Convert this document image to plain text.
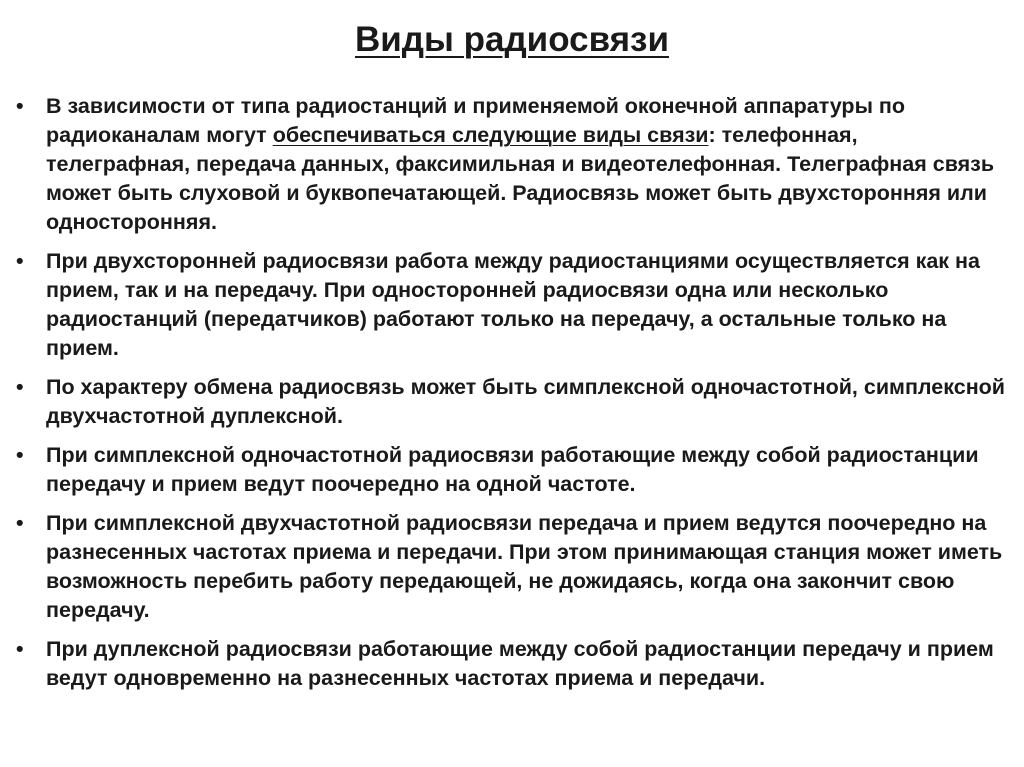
Виды радиосвязи
•	В зависимости от типа радиостанций и применяемой оконечной аппаратуры по радиоканалам могут обеспечиваться следующие виды связи: телефонная, телеграфная, передача данных, факсимильная и видеотелефонная. Телеграфная связь может быть слуховой и буквопечатающей. Радиосвязь может быть двухсторонняя или односторонняя.
•	При двухсторонней радиосвязи работа между радиостанциями осуществляется как на прием, так и на передачу. При односторонней радиосвязи одна или несколько радиостанций (передатчиков) работают только на передачу, а остальные только на прием.
•	По характеру обмена радиосвязь может быть симплексной одночастотной, симплексной двухчастотной дуплексной.
•	При симплексной одночастотной радиосвязи работающие между собой радиостанции передачу и прием ведут поочередно на одной частоте.
•	При симплексной двухчастотной радиосвязи передача и прием ведутся поочередно на разнесенных частотах приема и передачи. При этом принимающая станция может иметь возможность перебить работу передающей, не дожидаясь, когда она закончит свою передачу.
•	При дуплексной радиосвязи работающие между собой радиостанции передачу и прием ведут одновременно на разнесенных частотах приема и передачи.
